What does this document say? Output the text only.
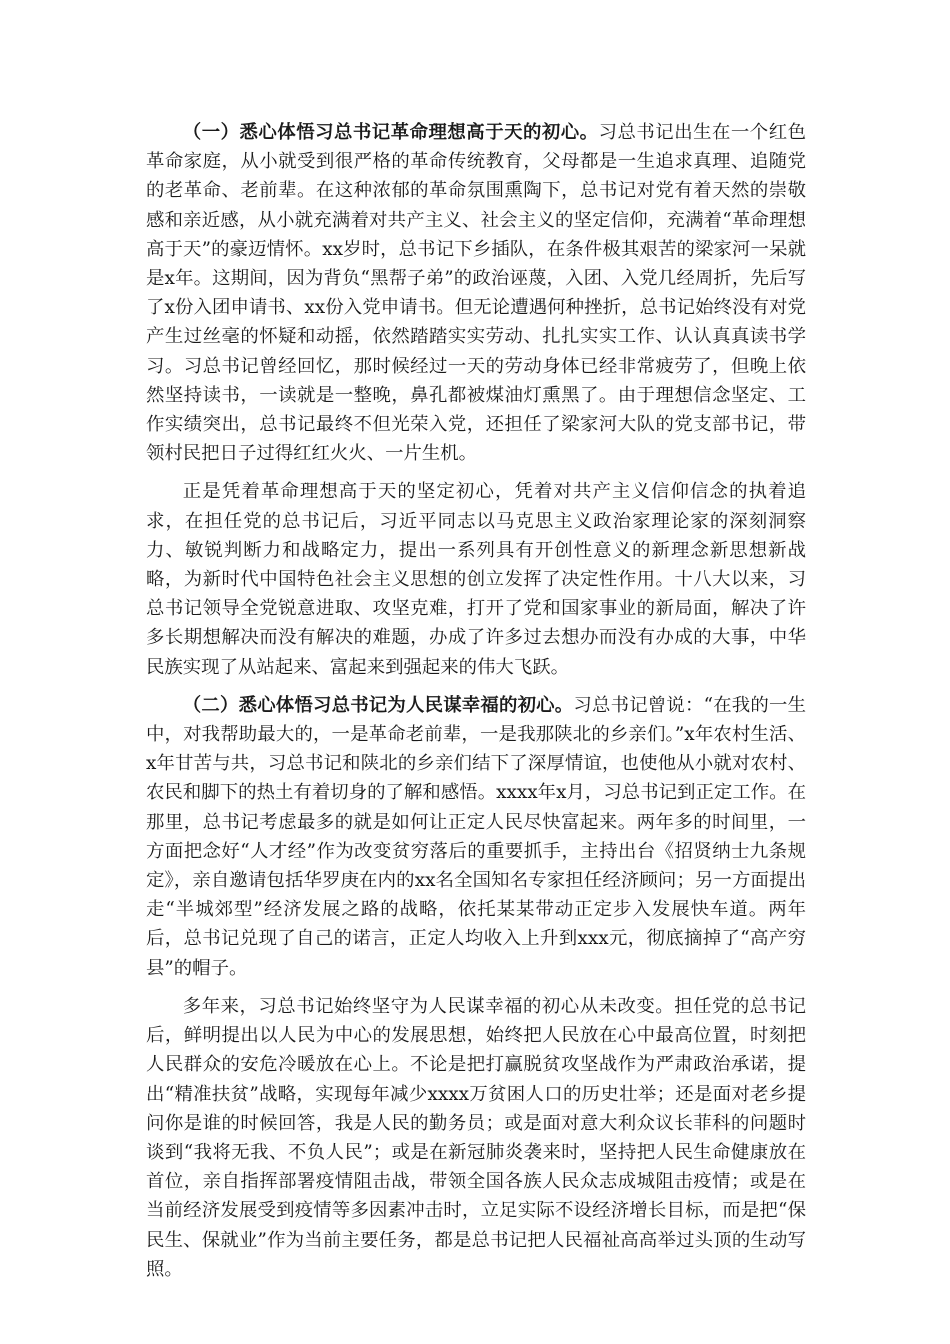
（一）悉心体悟习总书记革命理想高于天的初心。习总书记出生在一个红色革命家庭，从小就受到很严格的革命传统教育，父母都是一生追求真理、追随党的老革命、老前辈。在这种浓郁的革命氛围熏陶下，总书记对党有着天然的崇敬感和亲近感，从小就充满着对共产主义、社会主义的坚定信仰，充满着“革命理想高于天”的豪迈情怀。xx岁时，总书记下乡插队，在条件极其艰苦的梁家河一呆就是x年。这期间，因为背负“黑帮子弟”的政治诬蔑，入团、入党几经周折，先后写了x份入团申请书、xx份入党申请书。但无论遭遇何种挫折，总书记始终没有对党产生过丝毫的怀疑和动摇，依然踏踏实实劳动、扎扎实实工作、认认真真读书学习。习总书记曾经回忆，那时候经过一天的劳动身体已经非常疲劳了，但晚上依然坚持读书，一读就是一整晚，鼻孔都被煤油灯熏黑了。由于理想信念坚定、工作实绩突出，总书记最终不但光荣入党，还担任了梁家河大队的党支部书记，带领村民把日子过得红红火火、一片生机。

正是凭着革命理想高于天的坚定初心，凭着对共产主义信仰信念的执着追求，在担任党的总书记后，习近平同志以马克思主义政治家理论家的深刻洞察力、敏锐判断力和战略定力，提出一系列具有开创性意义的新理念新思想新战略，为新时代中国特色社会主义思想的创立发挥了决定性作用。十八大以来，习总书记领导全党锐意进取、攻坚克难，打开了党和国家事业的新局面，解决了许多长期想解决而没有解决的难题，办成了许多过去想办而没有办成的大事，中华民族实现了从站起来、富起来到强起来的伟大飞跃。

（二）悉心体悟习总书记为人民谋幸福的初心。习总书记曾说：“在我的一生中，对我帮助最大的，一是革命老前辈，一是我那陕北的乡亲们。”x年农村生活、x年甘苦与共，习总书记和陕北的乡亲们结下了深厚情谊，也使他从小就对农村、农民和脚下的热土有着切身的了解和感悟。xxxx年x月，习总书记到正定工作。在那里，总书记考虑最多的就是如何让正定人民尽快富起来。两年多的时间里，一方面把念好“人才经”作为改变贫穷落后的重要抓手，主持出台《招贤纳士九条规定》，亲自邀请包括华罗庚在内的xx名全国知名专家担任经济顾问；另一方面提出走“半城郊型”经济发展之路的战略，依托某某带动正定步入发展快车道。两年后，总书记兑现了自己的诺言，正定人均收入上升到xxx元，彻底摘掉了“高产穷县”的帽子。

多年来，习总书记始终坚守为人民谋幸福的初心从未改变。担任党的总书记后，鲜明提出以人民为中心的发展思想，始终把人民放在心中最高位置，时刻把人民群众的安危冷暖放在心上。不论是把打赢脱贫攻坚战作为严肃政治承诺，提出“精准扶贫”战略，实现每年减少xxxx万贫困人口的历史壮举；还是面对老乡提问你是谁的时候回答，我是人民的勤务员；或是面对意大利众议长菲科的问题时谈到“我将无我、不负人民”；或是在新冠肺炎袭来时，坚持把人民生命健康放在首位，亲自指挥部署疫情阻击战，带领全国各族人民众志成城阻击疫情；或是在当前经济发展受到疫情等多因素冲击时，立足实际不设经济增长目标，而是把“保民生、保就业”作为当前主要任务，都是总书记把人民福祉高高举过头顶的生动写照。
